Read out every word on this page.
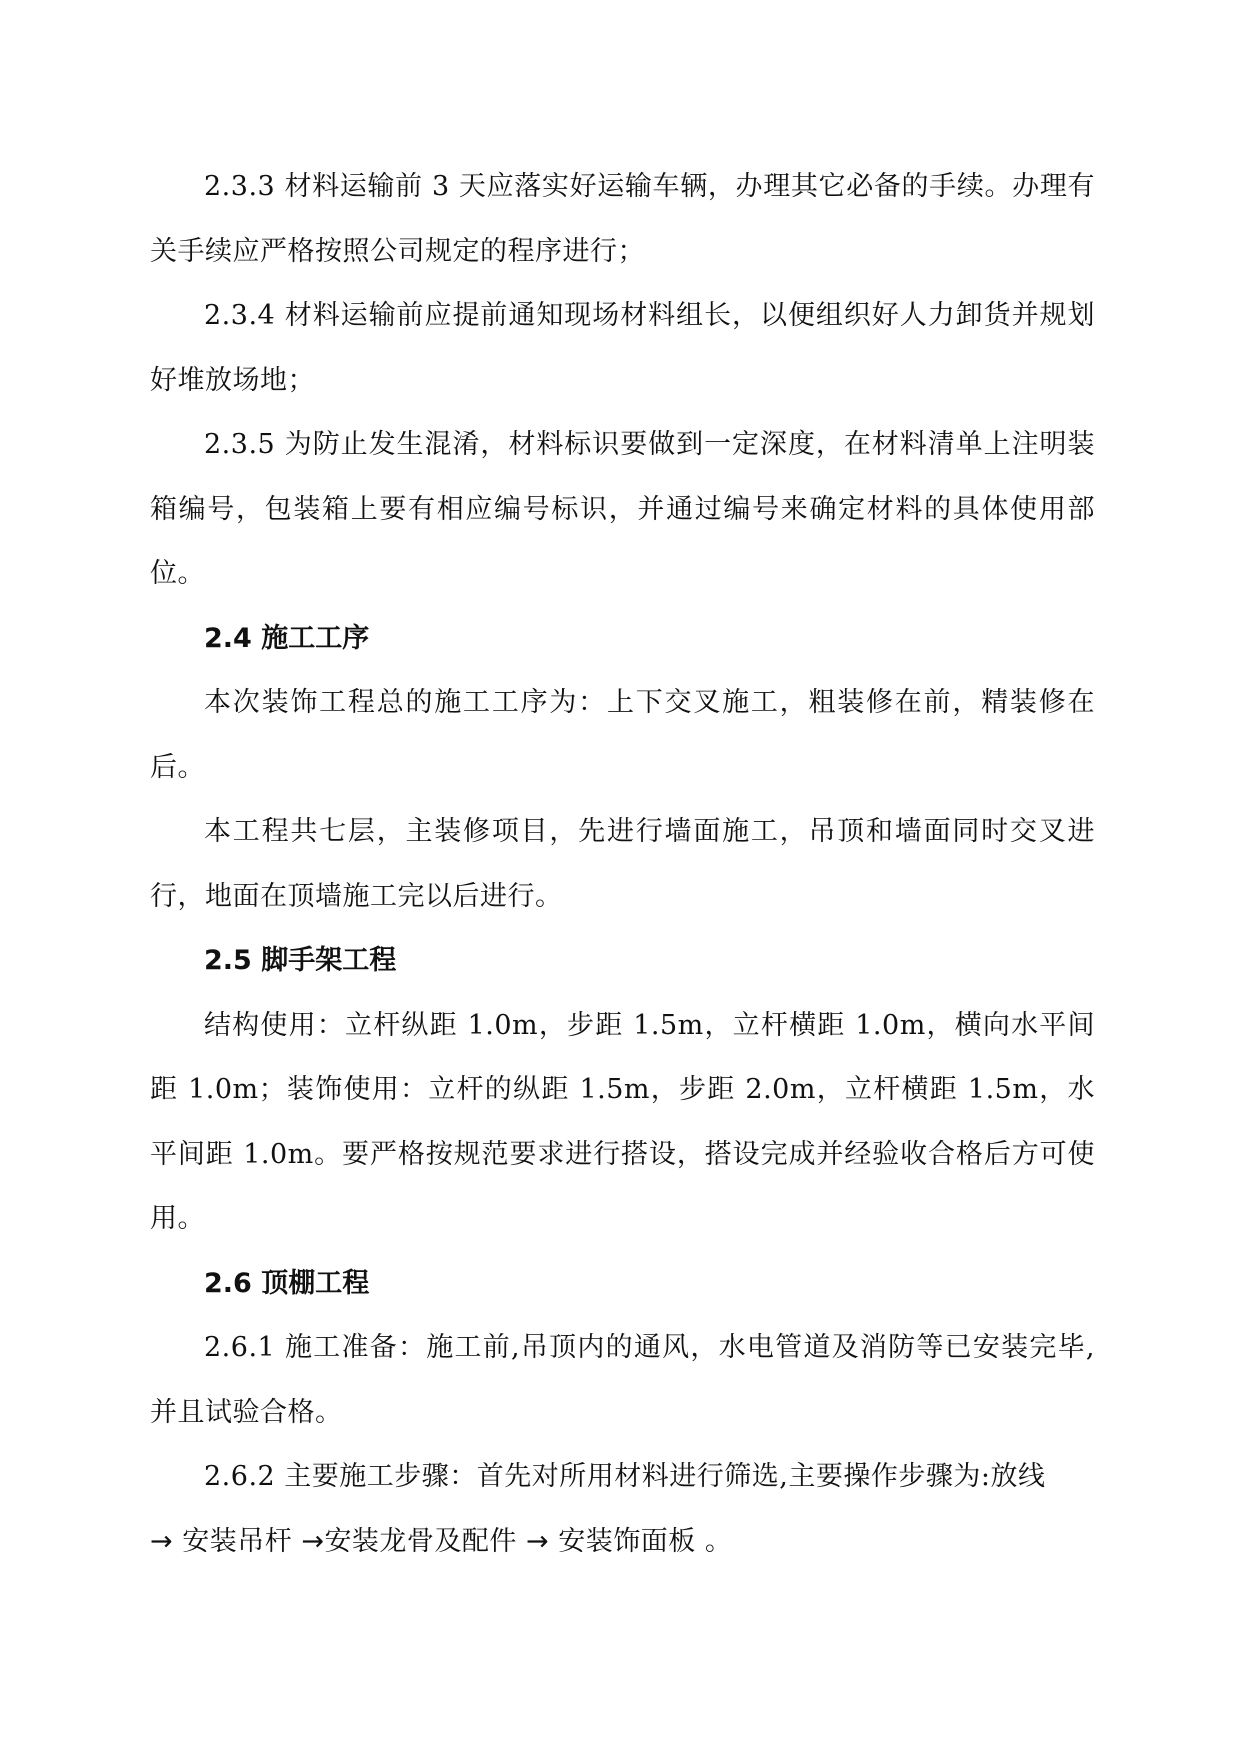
2.3.3 材料运输前 3 天应落实好运输车辆，办理其它必备的手续。办理有关手续应严格按照公司规定的程序进行；

2.3.4 材料运输前应提前通知现场材料组长，以便组织好人力卸货并规划好堆放场地；

2.3.5 为防止发生混淆，材料标识要做到一定深度，在材料清单上注明装箱编号，包装箱上要有相应编号标识，并通过编号来确定材料的具体使用部位。

2.4 施工工序

本次装饰工程总的施工工序为：上下交叉施工，粗装修在前，精装修在后。

本工程共七层，主装修项目，先进行墙面施工，吊顶和墙面同时交叉进行，地面在顶墙施工完以后进行。

2.5 脚手架工程

结构使用：立杆纵距 1.0m，步距 1.5m，立杆横距 1.0m，横向水平间距 1.0m；装饰使用：立杆的纵距 1.5m，步距 2.0m，立杆横距 1.5m，水平间距 1.0m。要严格按规范要求进行搭设，搭设完成并经验收合格后方可使用。

2.6 顶棚工程

2.6.1 施工准备：施工前,吊顶内的通风，水电管道及消防等已安装完毕,并且试验合格。

2.6.2 主要施工步骤：首先对所用材料进行筛选,主要操作步骤为:放线

→ 安装吊杆 →安装龙骨及配件 → 安装饰面板 。
